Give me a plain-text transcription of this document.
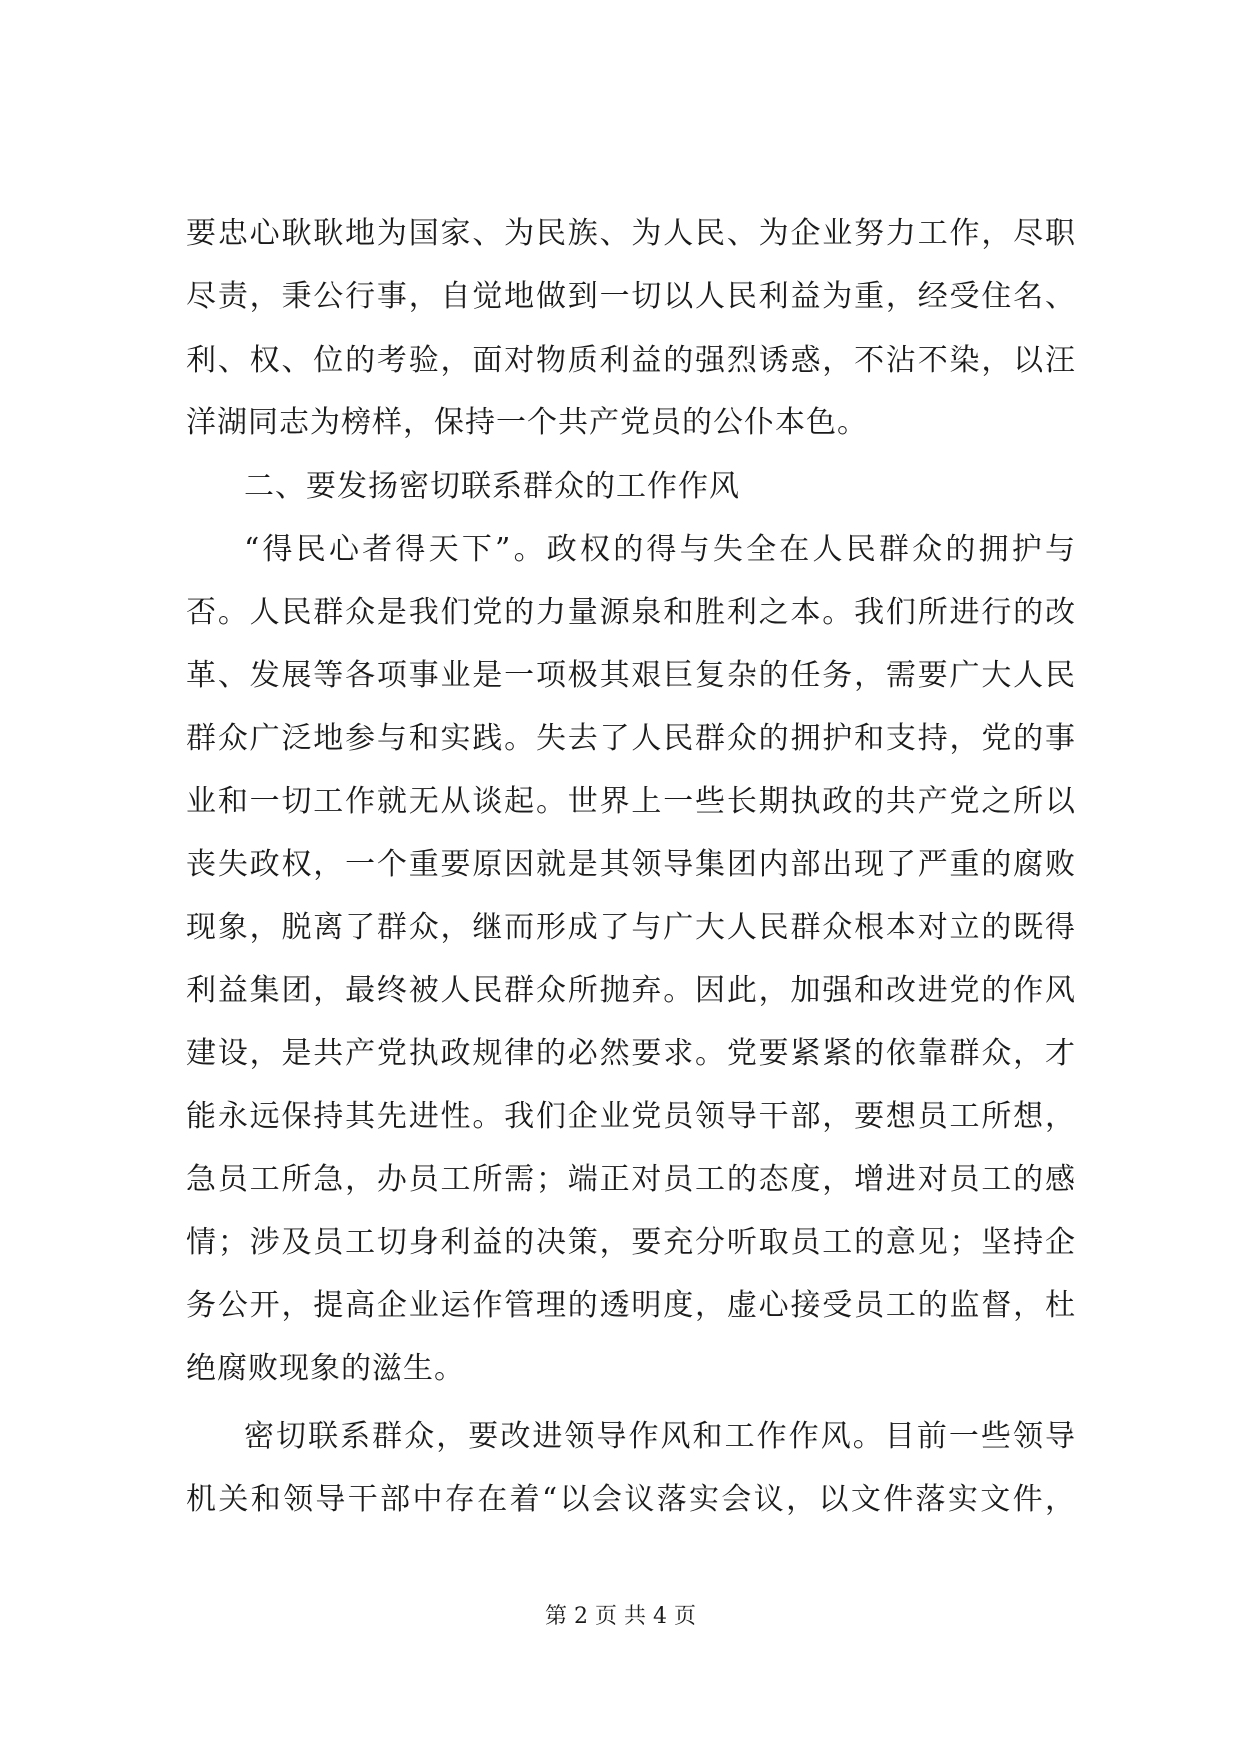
要忠心耿耿地为国家、为民族、为人民、为企业努力工作，尽职
尽责，秉公行事，自觉地做到一切以人民利益为重，经受住名、
利、权、位的考验，面对物质利益的强烈诱惑，不沾不染，以汪
洋湖同志为榜样，保持一个共产党员的公仆本色。
二、要发扬密切联系群众的工作作风
“得民心者得天下”。政权的得与失全在人民群众的拥护与
否。人民群众是我们党的力量源泉和胜利之本。我们所进行的改
革、发展等各项事业是一项极其艰巨复杂的任务，需要广大人民
群众广泛地参与和实践。失去了人民群众的拥护和支持，党的事
业和一切工作就无从谈起。世界上一些长期执政的共产党之所以
丧失政权，一个重要原因就是其领导集团内部出现了严重的腐败
现象，脱离了群众，继而形成了与广大人民群众根本对立的既得
利益集团，最终被人民群众所抛弃。因此，加强和改进党的作风
建设，是共产党执政规律的必然要求。党要紧紧的依靠群众，才
能永远保持其先进性。我们企业党员领导干部，要想员工所想，
急员工所急，办员工所需；端正对员工的态度，增进对员工的感
情；涉及员工切身利益的决策，要充分听取员工的意见；坚持企
务公开，提高企业运作管理的透明度，虚心接受员工的监督，杜
绝腐败现象的滋生。
密切联系群众，要改进领导作风和工作作风。目前一些领导
机关和领导干部中存在着“以会议落实会议，以文件落实文件，
第 2 页 共 4 页
